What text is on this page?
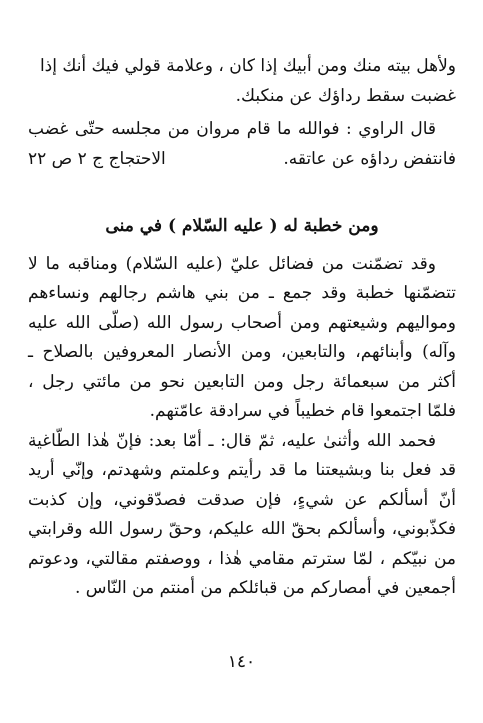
ولأهل بيته منك ومن أبيك إذا كان ، وعلامة قولي فيك أنك إذا
غضبت سقط رداؤك عن منكبك.

قال الراوي : فوالله ما قام مروان من مجلسه حتّى غضب فانتفض رداؤه عن عاتقه.
الاحتجاج ج ٢ ص ٢٢

ومن خطبة له ( عليه السّلام ) في منى

وقد تضمّنت من فضائل عليّ (عليه السّلام) ومناقبه ما لا تتضمّنها خطبة وقد جمع ـ من بني هاشم رجالهم ونساءهم ومواليهم وشيعتهم ومن أصحاب رسول الله (صلّى الله عليه وآله) وأبنائهم، والتابعين، ومن الأنصار المعروفين بالصلاح ـ أكثر من سبعمائة رجل ومن التابعين نحو من مائتي رجل ، فلمّا اجتمعوا قام خطيباً في سرادقة عامّتهم.

فحمد الله وأثنىٰ عليه، ثمّ قال: ـ أمّا بعد: فإنّ هٰذا الطّاغية قد فعل بنا وبشيعتنا ما قد رأيتم وعلمتم وشهدتم، وإنّي أريد أنّ أسألكم عن شيءٍ، فإن صدقت فصدّقوني، وإن كذبت فكذّبوني، وأسألكم بحقّ الله عليكم، وحقّ رسول الله وقرابتي من نبيّكم ، لمّا سترتم مقامي هٰذا ، ووصفتم مقالتي، ودعوتم أجمعين في أمصاركم من قبائلكم من أمنتم من النّاس .

١٤٠
